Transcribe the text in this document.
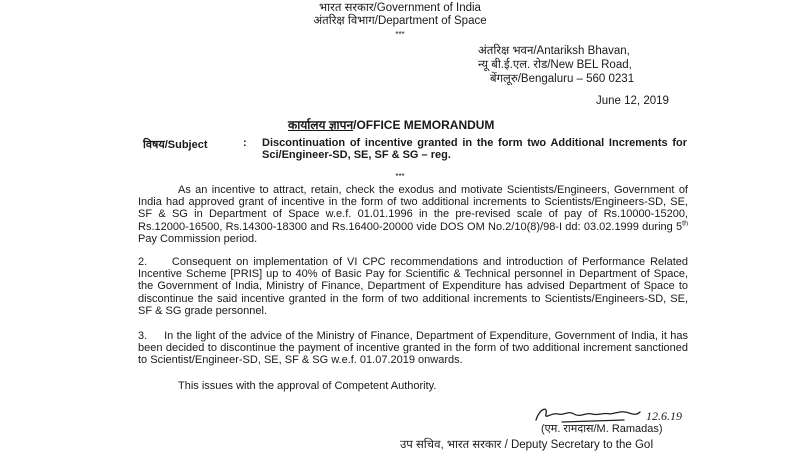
भारत सरकार/Government of India
अंतरिक्ष विभाग/Department of Space
***
अंतरिक्ष भवन/Antariksh Bhavan,
न्यू बी.ई.एल. रोड/New BEL Road,
बेंगलूरु/Bengaluru – 560 0231
June 12, 2019
कार्यालय ज्ञापन/OFFICE MEMORANDUM
विषय/Subject	: Discontinuation of incentive granted in the form two Additional Increments for Sci/Engineer-SD, SE, SF & SG – reg.
***
As an incentive to attract, retain, check the exodus and motivate Scientists/Engineers, Government of India had approved grant of incentive in the form of two additional increments to Scientists/Engineers-SD, SE, SF & SG in Department of Space w.e.f. 01.01.1996 in the pre-revised scale of pay of Rs.10000-15200, Rs.12000-16500, Rs.14300-18300 and Rs.16400-20000 vide DOS OM No.2/10(8)/98-I dd: 03.02.1999 during 5th Pay Commission period.
2.     Consequent on implementation of VI CPC recommendations and introduction of Performance Related Incentive Scheme [PRIS] up to 40% of Basic Pay for Scientific & Technical personnel in Department of Space, the Government of India, Ministry of Finance, Department of Expenditure has advised Department of Space to discontinue the said incentive granted in the form of two additional increments to Scientists/Engineers-SD, SE, SF & SG grade personnel.
3.     In the light of the advice of the Ministry of Finance, Department of Expenditure, Government of India, it has been decided to discontinue the payment of incentive granted in the form of two additional increment sanctioned to Scientist/Engineer-SD, SE, SF & SG w.e.f. 01.07.2019 onwards.
This issues with the approval of Competent Authority.
12.6.19
(एम. रामदास/M. Ramadas)
उप सचिव, भारत सरकार / Deputy Secretary to the GoI
